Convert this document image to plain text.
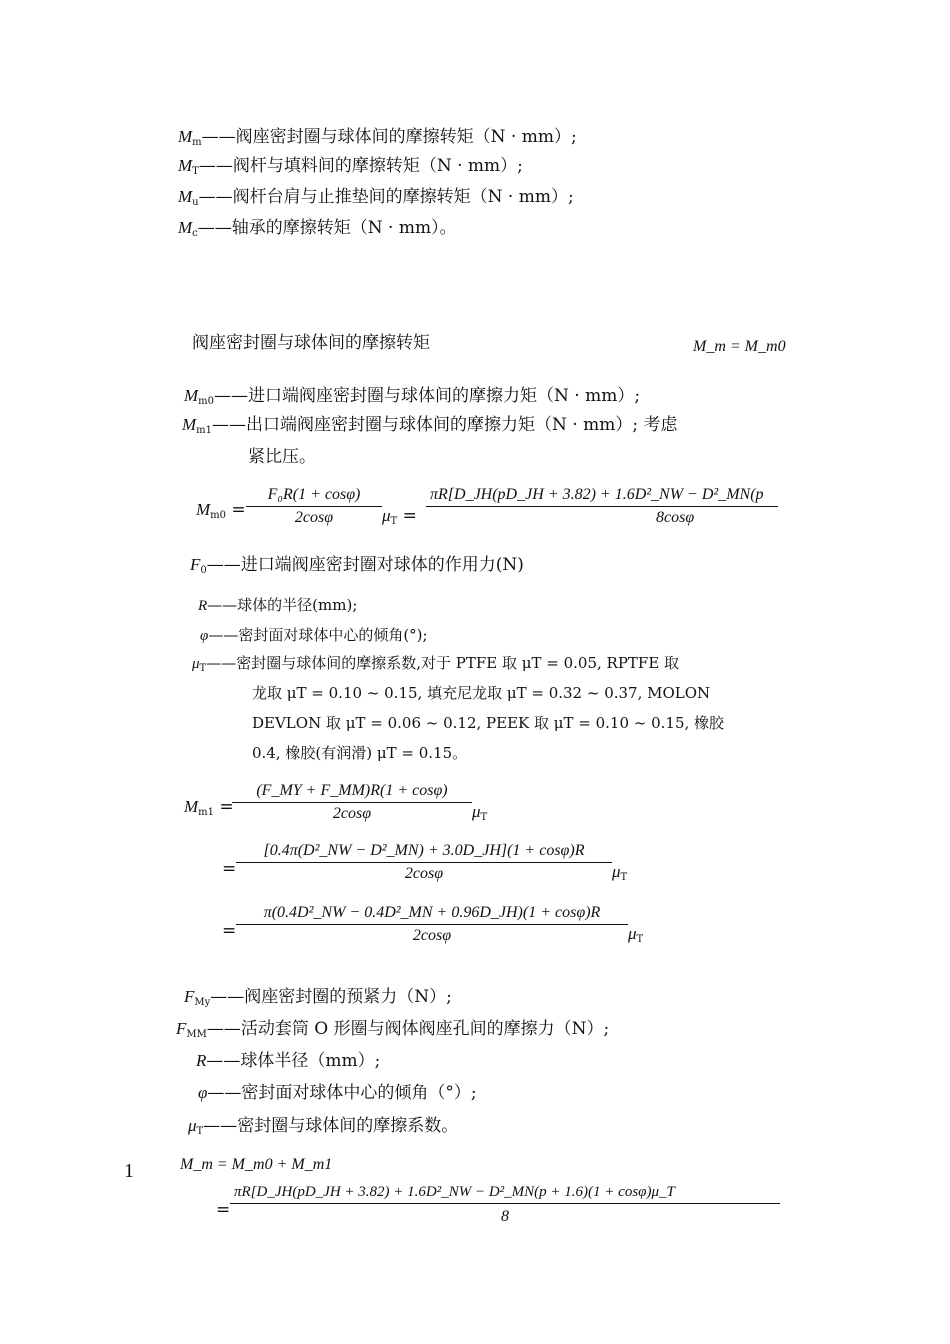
$M_m——$阀座密封圈与球体间的摩擦转矩（N · mm）;
$M_T——$阀杆与填料间的摩擦转矩（N · mm）;
$M_u——$阀杆台肩与止推垫间的摩擦转矩（N · mm）;
$M_c——$轴承的摩擦转矩（N · mm）。
阀座密封圈与球体间的摩擦转矩	M_m = M_m0
$M_{m0}——$进口端阀座密封圈与球体间的摩擦力矩（N · mm）;
$M_{m1}——$出口端阀座密封圈与球体间的摩擦力矩（N · mm）; 考虑
紧比压。
$M_{m0} = \frac{\text{F₀R(1 + cosφ)}}{2\cos\varphi} \mu_T = \frac{\text{πR[D\_JH(pD\_JH + 3.82) + 1.6D²\_NW − D²\_MN(p}}{8\cos\varphi}$
$F_0——$进口端阀座密封圈对球体的作用力(N)
R——球体的半径(mm);
φ——密封面对球体中心的倾角(°);
$\mu_T——$密封圈与球体间的摩擦系数,对于 PTFE 取 μT = 0.05, RPTFE 取
龙取 μT = 0.10 ~ 0.15, 填充尼龙取 μT = 0.32 ~ 0.37, MOLON
DEVLON 取 μT = 0.06 ~ 0.12, PEEK 取 μT = 0.10 ~ 0.15, 橡胶
0.4, 橡胶(有润滑) μT = 0.15。
$M_{m1}$ =
$\frac{(F\_MY + F\_MM)R(1 + \cos\varphi)}{2\cos\varphi} \mu_T$
= $\frac{\text{[0.4π(D²\_NW − D²\_MN) + 3.0D\_JH](1 + cosφ)R}}{2\cos\varphi} \mu_T$
= $\frac{\text{π(0.4D²\_NW − 0.4D²\_MN + 0.96D\_JH)(1 + cosφ)R}}{2\cos\varphi} \mu_T$
$F_{My}——$阀座密封圈的预紧力（N）;
$F_{MM}——$活动套筒 O 形圈与阀体阀座孔间的摩擦力（N）;
R——球体半径（mm）;
φ——密封面对球体中心的倾角（°）;
$\mu_T——$密封圈与球体间的摩擦系数。
1	M_m = M_m0 + M_m1
=
πR[D_JH(pD_JH + 3.82) + 1.6D²_NW − D²_MN(p + 1.6)(1 + cosφ)μ_T
8
